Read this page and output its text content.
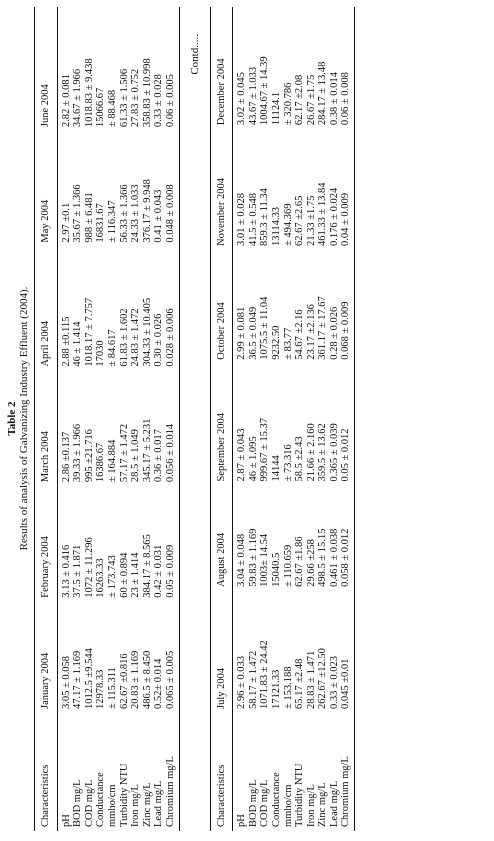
Table 2 Results of analysis of Galvanizing Industry Effluent (2004).
Characteristics	January 2004	February 2004	March 2004	April 2004	May 2004	June 2004
pH	3.05 ± 0.058	3.13 ± 0.416	2.86 ±0.137	2.88 ±0.115	2.97 ±0.1	2.82 ± 0.081
BOD mg/L	47.17 ± 1.169	37.5 ± 1.871	39.33 ± 1.966	46 ± 1.414	35.67 ± 1.366	34.67 ± 1.966
COD mg/L	1012.5 ±9.544	1072 ± 11.296	995 ±21.716	1018.17 ± 7.757	988 ± 6.481	1018.83 ± 9.438
Conductance	12978.33	16263.33	16386.67	17030	16831.67	15066.67
mmho/cm	± 115.311	± 173.743	± 164.884	± 84.617	± 116.347	± 88.468
Turbidity NTU	62.67 ±0.816	60 ± 0.894	57.17 ± 1.472	61.83 ± 1.602	56.33 ± 1.366	61.33 ± 1.506
Iron mg/L	20.83 ± 1.169	23 ± 1.414	28.5 ± 1.049	24.83 ± 1.472	24.33 ± 1.033	27.83 ± 0.752
Zinc mg/L	486.5 ± 8.450	384.17 ± 8.565	345.17 ± 5.231	304.33 ± 10.405	376.17 ± 9.948	358.83 ± 10.998
Lead mg/L	0.52± 0.014	0.42 ± 0.031	0.36 ± 0.017	0.30 ± 0.026	0.41 ± 0.043	0.33 ± 0.028
Chromium mg/L	0.065 ± 0.005	0.05 ± 0.009	0.056 ± 0.014	0.028 ± 0.006	0.048 ± 0.008	0.06 ± 0.005
Contd.....
Characteristics	July 2004	August 2004	September 2004	October 2004	November 2004	December 2004
pH	2.96 ± 0.033	3.04 ± 0.048	2.87 ± 0.043	2.99 ± 0.081	3.01 ± 0.028	3.02 ± 0.045
BOD mg/L	58.17 ± 1.472	59.83 ± 1.169	46 ± 1.095	36.5 ± 0.049	41.5 ± 0.548	43.67 ± 1.033
COD mg/L	1071.83 ± 24.42	1003± 14.54	999.67 ± 15.37	1075.5 ± 11.04	859.3 ± 11.34	1004.67 ± 14.39
Conductance	17121.33	15040.5	14144	9232.50	13114.33	11124.1
mmho/cm	± 153.188	± 110.659	± 73.316	± 83.77	± 494.369	± 320.786
Turbidity NTU	65.17 ±2.48	62.67 ±1.86	58.5 ±2.43	54.67 ±2.16	62.67 ±2.65	62.17 ±2.08
Iron mg/L	28.83 ± 1.471	29.66 ±258	21.66 ± 2.160	23.17 ±2.136	21.33 ±1.75	26.67 ±1.75
Zinc mg/L	262.67 ±12.50	498.5 ± 15.15	359.5 ± 13.62	361.17 ± 17.67	461.33 ± 13.84	284.17 ± 13.48
Lead mg/L	0.33 ± 0.023	0.461 ± 0.038	0.365 ± 0.039	0.28 ± 0.026	0.176 ± 0.024	0.38 ± 0.014
Chromium mg/L	0.045 ±0.01	0.058 ± 0.012	0.05 ± 0.012	0.068 ± 0.009	0.04 ± 0.009	0.06 ± 0.008
